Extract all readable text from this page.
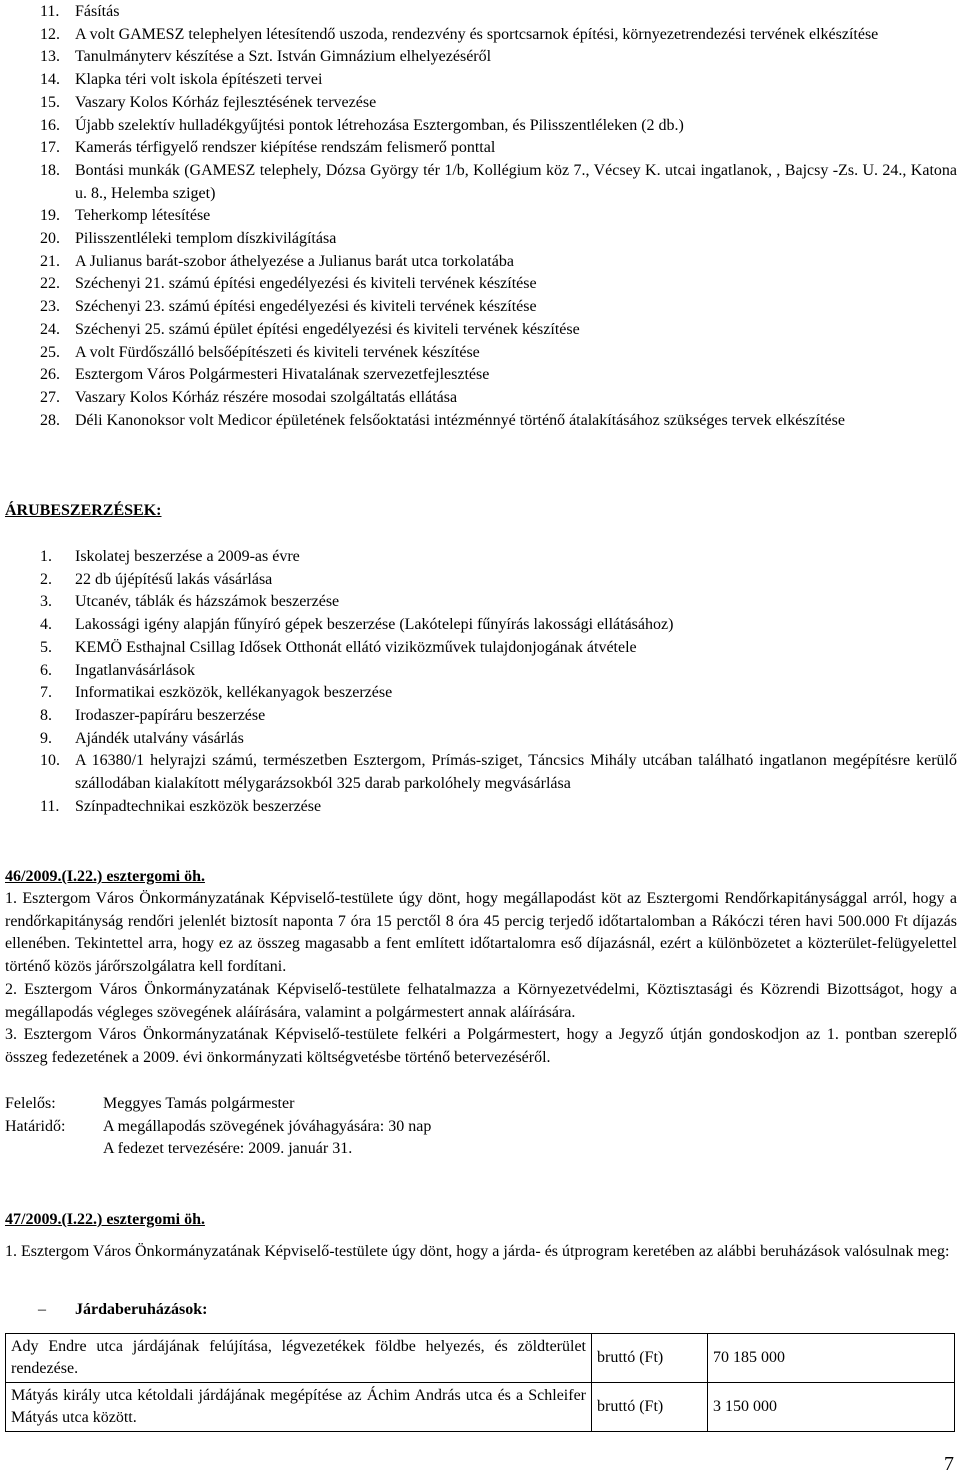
11. Fásítás
12. A volt GAMESZ telephelyen létesítendő uszoda, rendezvény és sportcsarnok építési, környezetrendezési tervének elkészítése
13. Tanulmányterv készítése a Szt. István Gimnázium elhelyezéséről
14. Klapka téri volt iskola építészeti tervei
15. Vaszary Kolos Kórház fejlesztésének tervezése
16. Újabb szelektív hulladékgyűjtési pontok létrehozása Esztergomban, és Pilisszentléleken (2 db.)
17. Kamerás térfigyelő rendszer kiépítése rendszám felismerő ponttal
18. Bontási munkák (GAMESZ telephely, Dózsa György tér 1/b, Kollégium köz 7., Vécsey K. utcai ingatlanok, , Bajcsy -Zs. U. 24., Katona u. 8., Helemba sziget)
19. Teherkomp létesítése
20. Pilisszentléleki templom díszkivilágítása
21. A Julianus barát-szobor áthelyezése a Julianus barát utca torkolatába
22. Széchenyi 21. számú építési engedélyezési és kiviteli tervének készítése
23. Széchenyi 23. számú építési engedélyezési és kiviteli tervének készítése
24. Széchenyi 25. számú épület építési engedélyezési és kiviteli tervének készítése
25. A volt Fürdőszálló belsőépítészeti és kiviteli tervének készítése
26. Esztergom Város Polgármesteri Hivatalának szervezetfejlesztése
27. Vaszary Kolos Kórház részére mosodai szolgáltatás ellátása
28. Déli Kanonoksor volt Medicor épületének felsőoktatási intézménnyé történő átalakításához szükséges tervek elkészítése
ÁRUBESZERZÉSEK:
1.	Iskolatej beszerzése a 2009-as évre
2.	22 db újépítésű lakás vásárlása
3.	Utcanév, táblák és házszámok beszerzése
4.	Lakossági igény alapján fűnyíró gépek beszerzése (Lakótelepi fűnyírás lakossági ellátásához)
5.	KEMÖ Esthajnal Csillag Idősek Otthonát ellátó viziközművek tulajdonjogának átvétele
6.	Ingatlanvásárlások
7.	Informatikai eszközök, kellékanyagok beszerzése
8.	Irodaszer-papíráru beszerzése
9.	Ajándék utalvány vásárlás
10. A 16380/1 helyrajzi számú, természetben Esztergom, Prímás-sziget, Táncsics Mihály utcában található ingatlanon megépítésre kerülő szállodában kialakított mélygarázsokból 325 darab parkolóhely megvásárlása
11. Színpadtechnikai eszközök beszerzése
46/2009.(I.22.) esztergomi öh.

1. Esztergom Város Önkormányzatának Képviselő-testülete úgy dönt, hogy megállapodást köt az Esztergomi Rendőrkapitánysággal arról, hogy a rendőrkapitányság rendőri jelenlét biztosít naponta 7 óra 15 perctől 8 óra 45 percig terjedő időtartalomban a Rákóczi téren havi 500.000 Ft díjazás ellenében. Tekintettel arra, hogy ez az összeg magasabb a fent említett időtartalomra eső díjazásnál, ezért a különbözetet a közterület-felügyelettel történő közös járőrszolgálatra kell fordítani.

2. Esztergom Város Önkormányzatának Képviselő-testülete felhatalmazza a Környezetvédelmi, Köztisztasági és Közrendi Bizottságot, hogy a megállapodás végleges szövegének aláírására, valamint a polgármestert annak aláírására.

3. Esztergom Város Önkormányzatának Képviselő-testülete felkéri a Polgármestert, hogy a Jegyző útján gondoskodjon az 1. pontban szereplő összeg fedezetének a 2009. évi önkormányzati költségvetésbe történő betervezéséről.

Felelős:	Meggyes Tamás polgármester
Határidő:	A megállapodás szövegének jóváhagyására: 30 nap
A fedezet tervezésére: 2009. január 31.
47/2009.(I.22.) esztergomi öh.
1. Esztergom Város Önkormányzatának Képviselő-testülete úgy dönt, hogy a járda- és útprogram keretében az alábbi beruházások valósulnak meg:
–	Járdaberuházások:
Ady Endre utca járdájának felújítása, légvezetékek földbe helyezés, és zöldterület rendezése.	bruttó (Ft)	70 185 000
Mátyás király utca kétoldali járdájának megépítése az Áchim András utca és a Schleifer Mátyás utca között.	bruttó (Ft)	3 150 000
7
